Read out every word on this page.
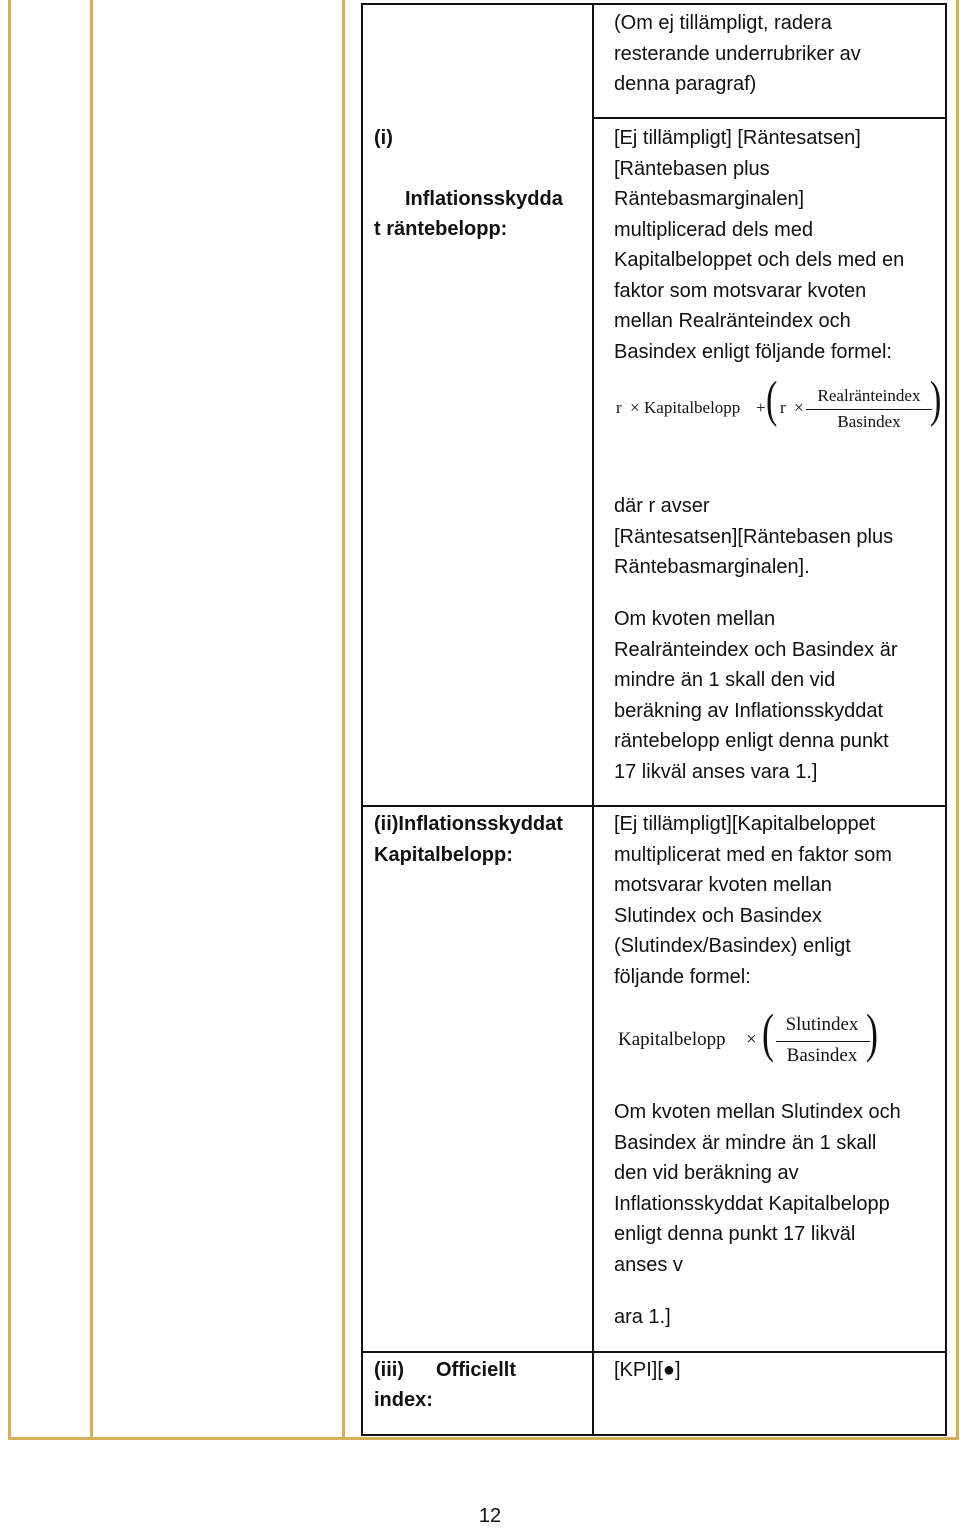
(Om ej tillämpligt, radera
resterande underrubriker av
denna paragraf)
(i)

Inflationsskydda
t räntebelopp:

[Ej tillämpligt] [Räntesatsen]
[Räntebasen plus
Räntebasmarginalen]
multiplicerad dels med
Kapitalbeloppet och dels med en
faktor som motsvarar kvoten
mellan Realränteindex och
Basindex enligt följande formel:
r × Kapitalbelopp + ( r ×
Realränteindex
Basindex )
där r avser
[Räntesatsen][Räntebasen plus
Räntebasmarginalen].
Om kvoten mellan
Realränteindex och Basindex är
mindre än 1 skall den vid
beräkning av Inflationsskyddat
räntebelopp enligt denna punkt
17 likväl anses vara 1.]
(ii)Inflationsskyddat
Kapitalbelopp:
[Ej tillämpligt][Kapitalbeloppet
multiplicerat med en faktor som
motsvarar kvoten mellan
Slutindex och Basindex
(Slutindex/Basindex) enligt
följande formel:
Kapitalbelopp × ( Slutindex
Basindex )
Om kvoten mellan Slutindex och
Basindex är mindre än 1 skall
den vid beräkning av
Inflationsskyddat Kapitalbelopp
enligt denna punkt 17 likväl
anses v
ara 1.]
(iii) Officiellt
index:
[KPI][●]
12
